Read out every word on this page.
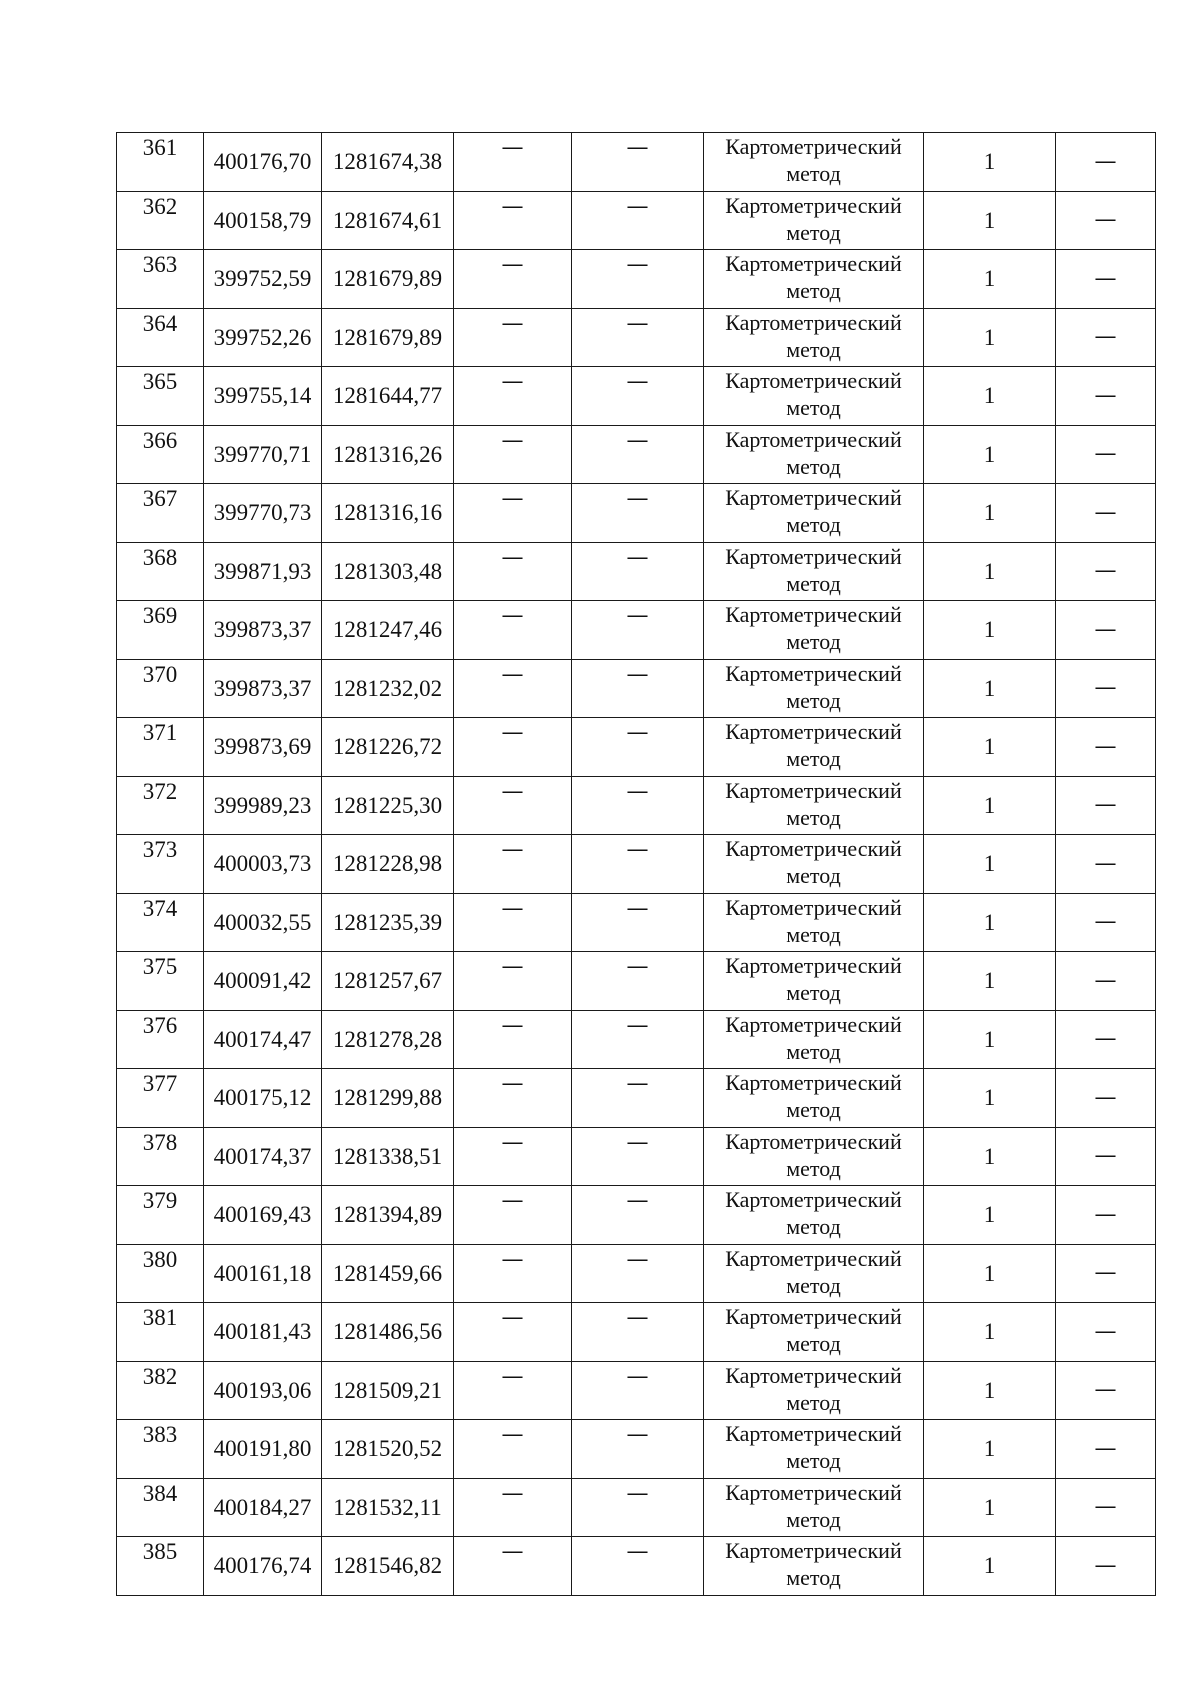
361	400176,70	1281674,38	—	—	Картометрический
метод	1	—

362	400158,79	1281674,61	—	—	Картометрический
метод	1	—

363	399752,59	1281679,89	—	—	Картометрический
метод	1	—

364	399752,26	1281679,89	—	—	Картометрический
метод	1	—

365	399755,14	1281644,77	—	—	Картометрический
метод	1	—

366	399770,71	1281316,26	—	—	Картометрический
метод	1	—

367	399770,73	1281316,16	—	—	Картометрический
метод	1	—

368	399871,93	1281303,48	—	—	Картометрический
метод	1	—

369	399873,37	1281247,46	—	—	Картометрический
метод	1	—

370	399873,37	1281232,02	—	—	Картометрический
метод	1	—

371	399873,69	1281226,72	—	—	Картометрический
метод	1	—

372	399989,23	1281225,30	—	—	Картометрический
метод	1	—

373	400003,73	1281228,98	—	—	Картометрический
метод	1	—

374	400032,55	1281235,39	—	—	Картометрический
метод	1	—

375	400091,42	1281257,67	—	—	Картометрический
метод	1	—

376	400174,47	1281278,28	—	—	Картометрический
метод	1	—

377	400175,12	1281299,88	—	—	Картометрический
метод	1	—

378	400174,37	1281338,51	—	—	Картометрический
метод	1	—

379	400169,43	1281394,89	—	—	Картометрический
метод	1	—

380	400161,18	1281459,66	—	—	Картометрический
метод	1	—

381	400181,43	1281486,56	—	—	Картометрический
метод	1	—

382	400193,06	1281509,21	—	—	Картометрический
метод	1	—

383	400191,80	1281520,52	—	—	Картометрический
метод	1	—

384	400184,27	1281532,11	—	—	Картометрический
метод	1	—

385	400176,74	1281546,82	—	—	Картометрический
метод	1	—
